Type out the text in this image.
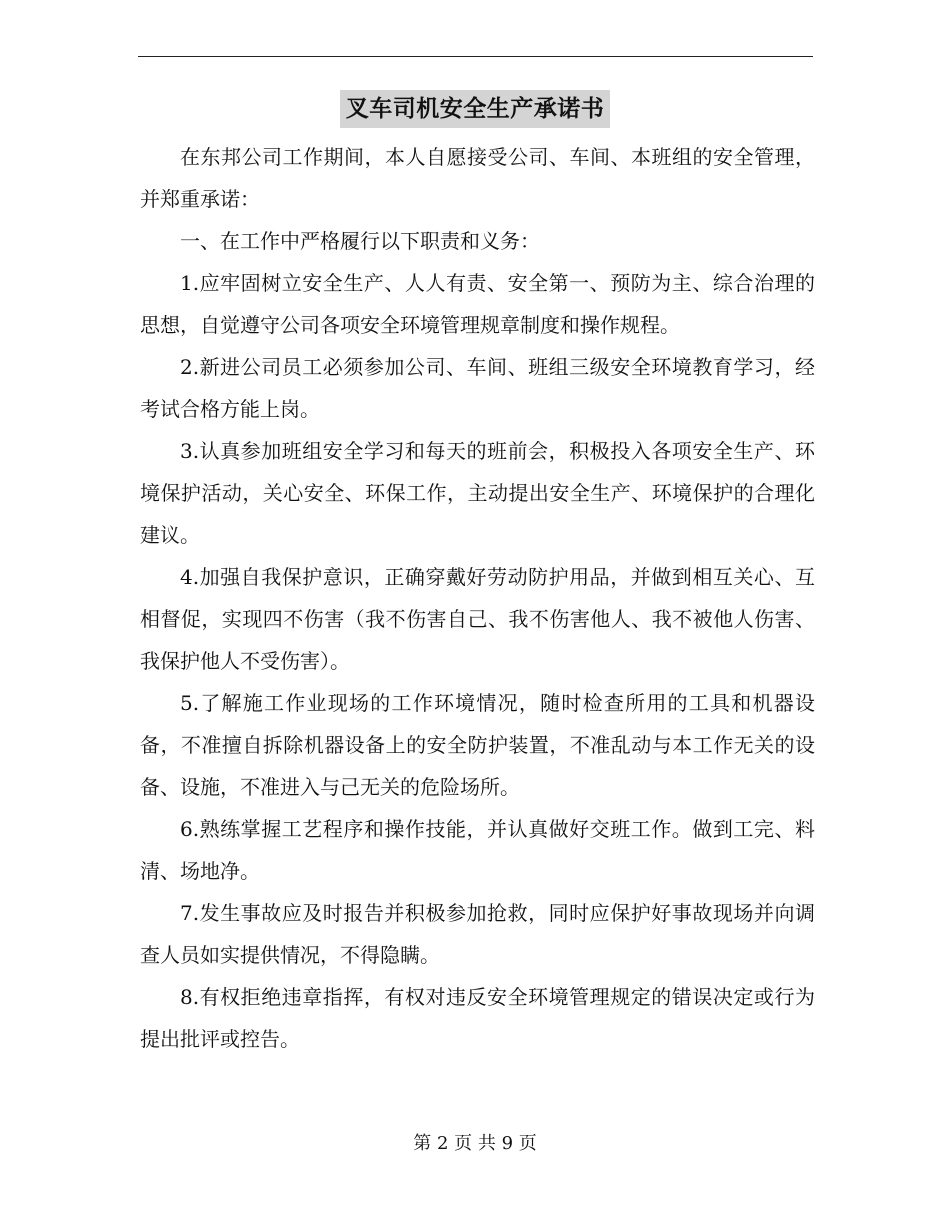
叉车司机安全生产承诺书

在东邦公司工作期间，本人自愿接受公司、车间、本班组的安全管理，并郑重承诺：

一、在工作中严格履行以下职责和义务：

1.应牢固树立安全生产、人人有责、安全第一、预防为主、综合治理的思想，自觉遵守公司各项安全环境管理规章制度和操作规程。

2.新进公司员工必须参加公司、车间、班组三级安全环境教育学习，经考试合格方能上岗。

3.认真参加班组安全学习和每天的班前会，积极投入各项安全生产、环境保护活动，关心安全、环保工作，主动提出安全生产、环境保护的合理化建议。

4.加强自我保护意识，正确穿戴好劳动防护用品，并做到相互关心、互相督促，实现四不伤害（我不伤害自己、我不伤害他人、我不被他人伤害、我保护他人不受伤害）。

5.了解施工作业现场的工作环境情况，随时检查所用的工具和机器设备，不准擅自拆除机器设备上的安全防护装置，不准乱动与本工作无关的设备、设施，不准进入与己无关的危险场所。

6.熟练掌握工艺程序和操作技能，并认真做好交班工作。做到工完、料清、场地净。

7.发生事故应及时报告并积极参加抢救，同时应保护好事故现场并向调查人员如实提供情况，不得隐瞒。

8.有权拒绝违章指挥，有权对违反安全环境管理规定的错误决定或行为提出批评或控告。

第 2 页 共 9 页
